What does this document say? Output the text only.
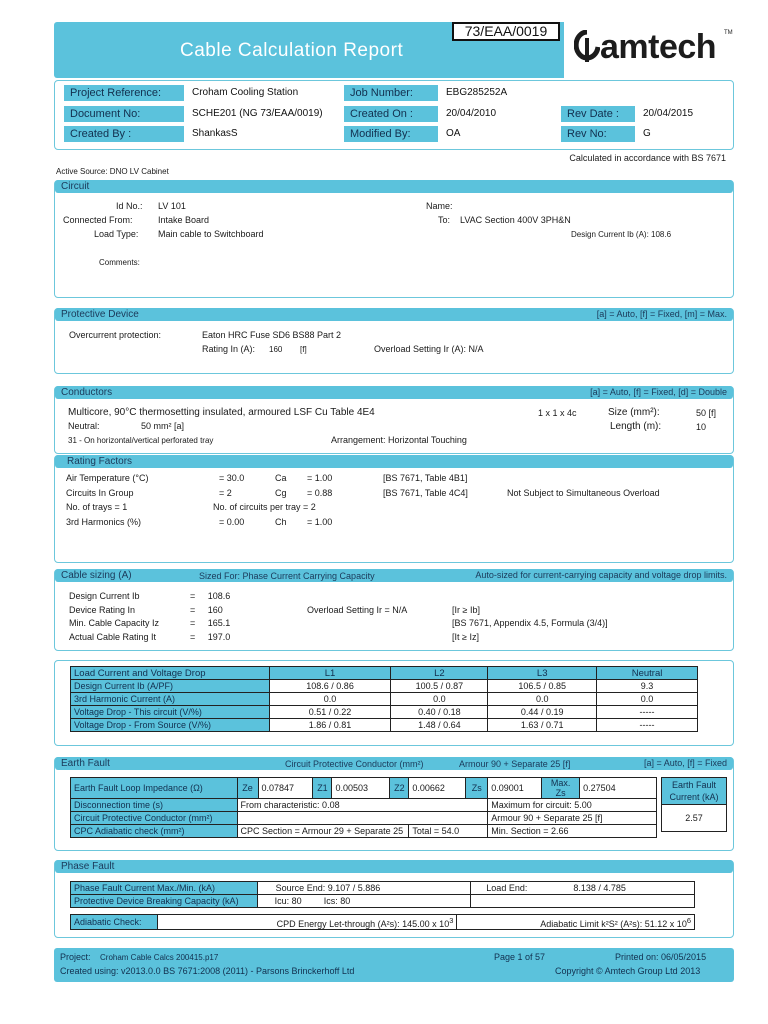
Cable Calculation Report
73/EAA/0019	amtech TM
Project Reference:	Croham Cooling Station	Job Number:	EBG285252A
Document No:	SCHE201 (NG 73/EAA/0019)	Created On :	20/04/2010	Rev Date :	20/04/2015
Created By :	ShankasS	Modified By:	OA	Rev No:	G
Calculated in accordance with BS 7671
Active Source: DNO LV Cabinet
Circuit
Id No.: LV 101
Connected From:	Intake Board
Load Type: Main cable to Switchboard
Comments:
Name:
To: LVAC Section 400V 3PH&N
Design Current Ib (A): 108.6
Protective Device	[a] = Auto, [f] = Fixed, [m] = Max.
Overcurrent protection:	Eaton HRC Fuse SD6 BS88 Part 2
Rating In (A): 160 [f]	Overload Setting Ir (A): N/A
Conductors	[a] = Auto, [f] = Fixed, [d] = Double
Multicore, 90°C thermosetting insulated, armoured LSF Cu Table 4E4	1 x 1 x 4c	Size (mm²):	50 [f]
Neutral:	50 mm² [a]	Length (m):	10
31 - On horizontal/vertical perforated tray	Arrangement: Horizontal Touching
Rating Factors
Air Temperature (°C)	= 30.0	Ca = 1.00	[BS 7671, Table 4B1]
Circuits In Group	= 2	Cg = 0.88	[BS 7671, Table 4C4]	Not Subject to Simultaneous Overload
No. of trays = 1	No. of circuits per tray = 2
3rd Harmonics (%)	= 0.00	Ch = 1.00
Cable sizing (A)	Sized For: Phase Current Carrying Capacity	Auto-sized for current-carrying capacity and voltage drop limits.
Design Current Ib	=     108.6
Device Rating In	=     160	Overload Setting Ir = N/A	[Ir ≥ Ib]
Min. Cable Capacity Iz	=     165.1	[BS 7671, Appendix 4.5, Formula (3/4)]
Actual Cable Rating It	=     197.0	[It ≥ Iz]
Load Current and Voltage Drop	L1	L2	L3	Neutral
Design Current Ib (A/PF)	108.6 / 0.86	100.5 / 0.87	106.5 / 0.85	9.3
3rd Harmonic Current (A)	0.0	0.0	0.0	0.0
Voltage Drop - This circuit (V/%)	0.51 / 0.22	0.40 / 0.18	0.44 / 0.19	-----
Voltage Drop - From Source (V/%)	1.86 / 0.81	1.48 / 0.64	1.63 / 0.71	-----
Earth Fault	Circuit Protective Conductor (mm²)	Armour 90 + Separate 25 [f]	[a] = Auto, [f] = Fixed
Earth Fault Loop Impedance (Ω)	Ze	0.07847	Z1	0.00503	Z2	0.00662	Zs	0.09001	Max. Zs	0.27504
Disconnection time (s)	From characteristic: 0.08							Maximum for circuit: 5.00		
Circuit Protective Conductor (mm²)								Armour 90 + Separate 25 [f]		
CPC Adiabatic check (mm²)	CPC Section = Armour 29 + Separate 25					Total = 54.0		Min. Section = 2.66		
Earth Fault Current (kA)
2.57
Phase Fault
Phase Fault Current Max./Min. (kA)	Source End: 9.107 / 5.886	Load End: 8.138 / 4.785
Protective Device Breaking Capacity (kA)	Icu: 80 Ics: 80	
Adiabatic Check:	CPD Energy Let-through (A²s): 145.00 x $10^3$	Adiabatic Limit k²S² (A²s): 51.12 x $10^6$
Project: Croham Cable Calcs 200415.p17	Page 1 of 57	Printed on: 06/05/2015
Created using: v2013.0.0 BS 7671:2008 (2011) - Parsons Brinckerhoff Ltd	Copyright © Amtech Group Ltd 2013
